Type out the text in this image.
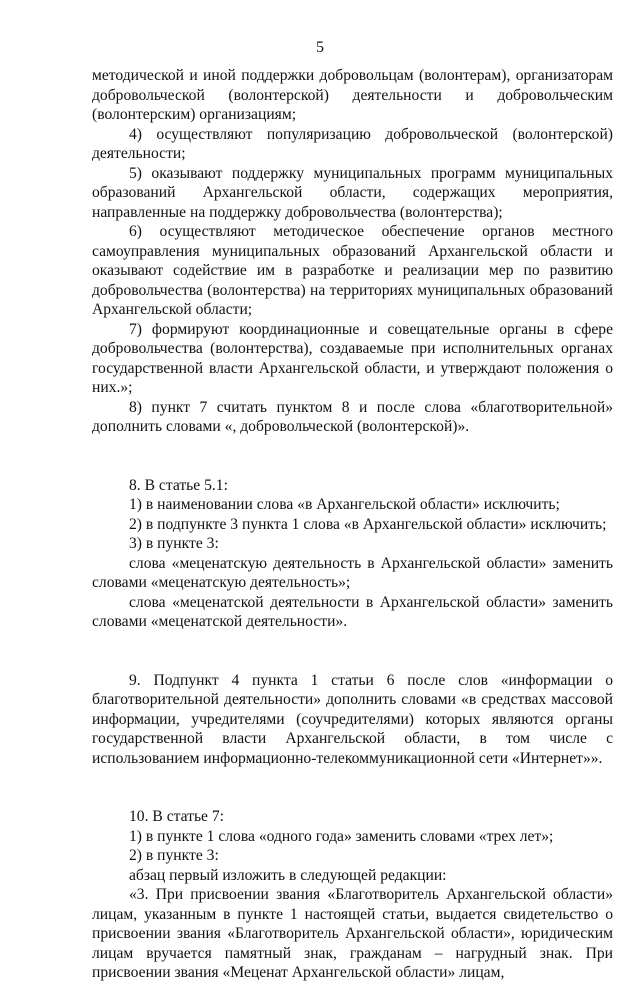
5

методической и иной поддержки добровольцам (волонтерам), организаторам добровольческой (волонтерской) деятельности и добровольческим (волонтерским) организациям;

4) осуществляют популяризацию добровольческой (волонтерской) деятельности;

5) оказывают поддержку муниципальных программ муниципальных образований Архангельской области, содержащих мероприятия, направленные на поддержку добровольчества (волонтерства);

6) осуществляют методическое обеспечение органов местного самоуправления муниципальных образований Архангельской области и оказывают содействие им в разработке и реализации мер по развитию добровольчества (волонтерства) на территориях муниципальных образований Архангельской области;

7) формируют координационные и совещательные органы в сфере добровольчества (волонтерства), создаваемые при исполнительных органах государственной власти Архангельской области, и утверждают положения о них.»;

8) пункт 7 считать пунктом 8 и после слова «благотворительной» дополнить словами «, добровольческой (волонтерской)».

8. В статье 5.1:

1) в наименовании слова «в Архангельской области» исключить;

2) в подпункте 3 пункта 1 слова «в Архангельской области» исключить;

3) в пункте 3:

слова «меценатскую деятельность в Архангельской области» заменить словами «меценатскую деятельность»;

слова «меценатской деятельности в Архангельской области» заменить словами «меценатской деятельности».

9. Подпункт 4 пункта 1 статьи 6 после слов «информации о благотворительной деятельности» дополнить словами «в средствах массовой информации, учредителями (соучредителями) которых являются органы государственной власти Архангельской области, в том числе с использованием информационно-телекоммуникационной сети «Интернет»».

10. В статье 7:

1) в пункте 1 слова «одного года» заменить словами «трех лет»;

2) в пункте 3:

абзац первый изложить в следующей редакции:

«3. При присвоении звания «Благотворитель Архангельской области» лицам, указанным в пункте 1 настоящей статьи, выдается свидетельство о присвоении звания «Благотворитель Архангельской области», юридическим лицам вручается памятный знак, гражданам – нагрудный знак. При присвоении звания «Меценат Архангельской области» лицам,
